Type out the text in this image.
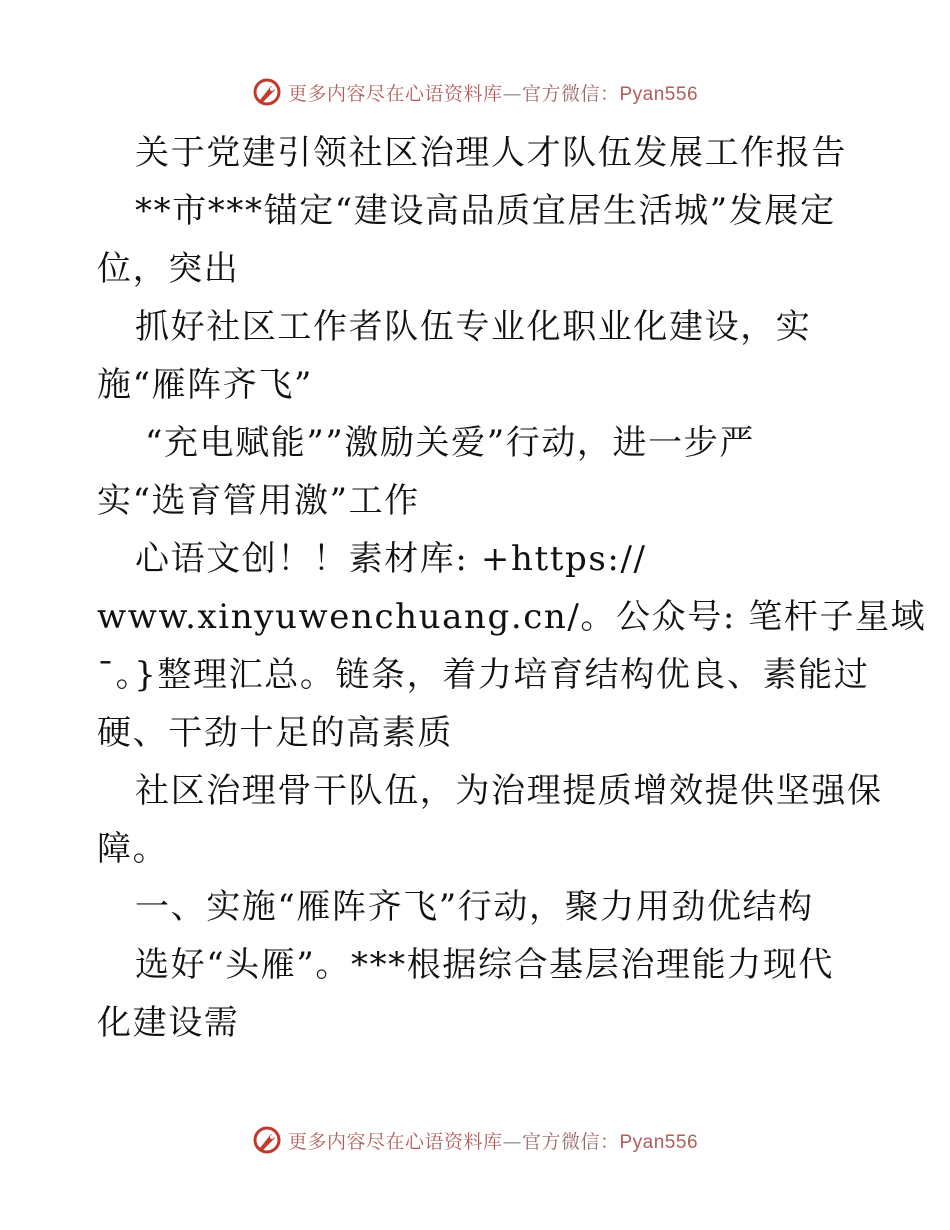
更多内容尽在心语资料库—官方微信：Pyan556
关于党建引领社区治理人才队伍发展工作报告
**市***锚定“建设高品质宜居生活城”发展定
位，突出
抓好社区工作者队伍专业化职业化建设，实
施“雁阵齐飞”
“充电赋能””激励关爱”行动，进一步严
实“选育管用激”工作
心语文创！！素材库: +https://
www.xinyuwenchuang.cn/。公众号: 笔杆子星域
¯。}整理汇总。链条，着力培育结构优良、素能过
硬、干劲十足的高素质
社区治理骨干队伍，为治理提质增效提供坚强保
障。
一、实施“雁阵齐飞”行动，聚力用劲优结构
选好“头雁”。***根据综合基层治理能力现代
化建设需
更多内容尽在心语资料库—官方微信：Pyan556
